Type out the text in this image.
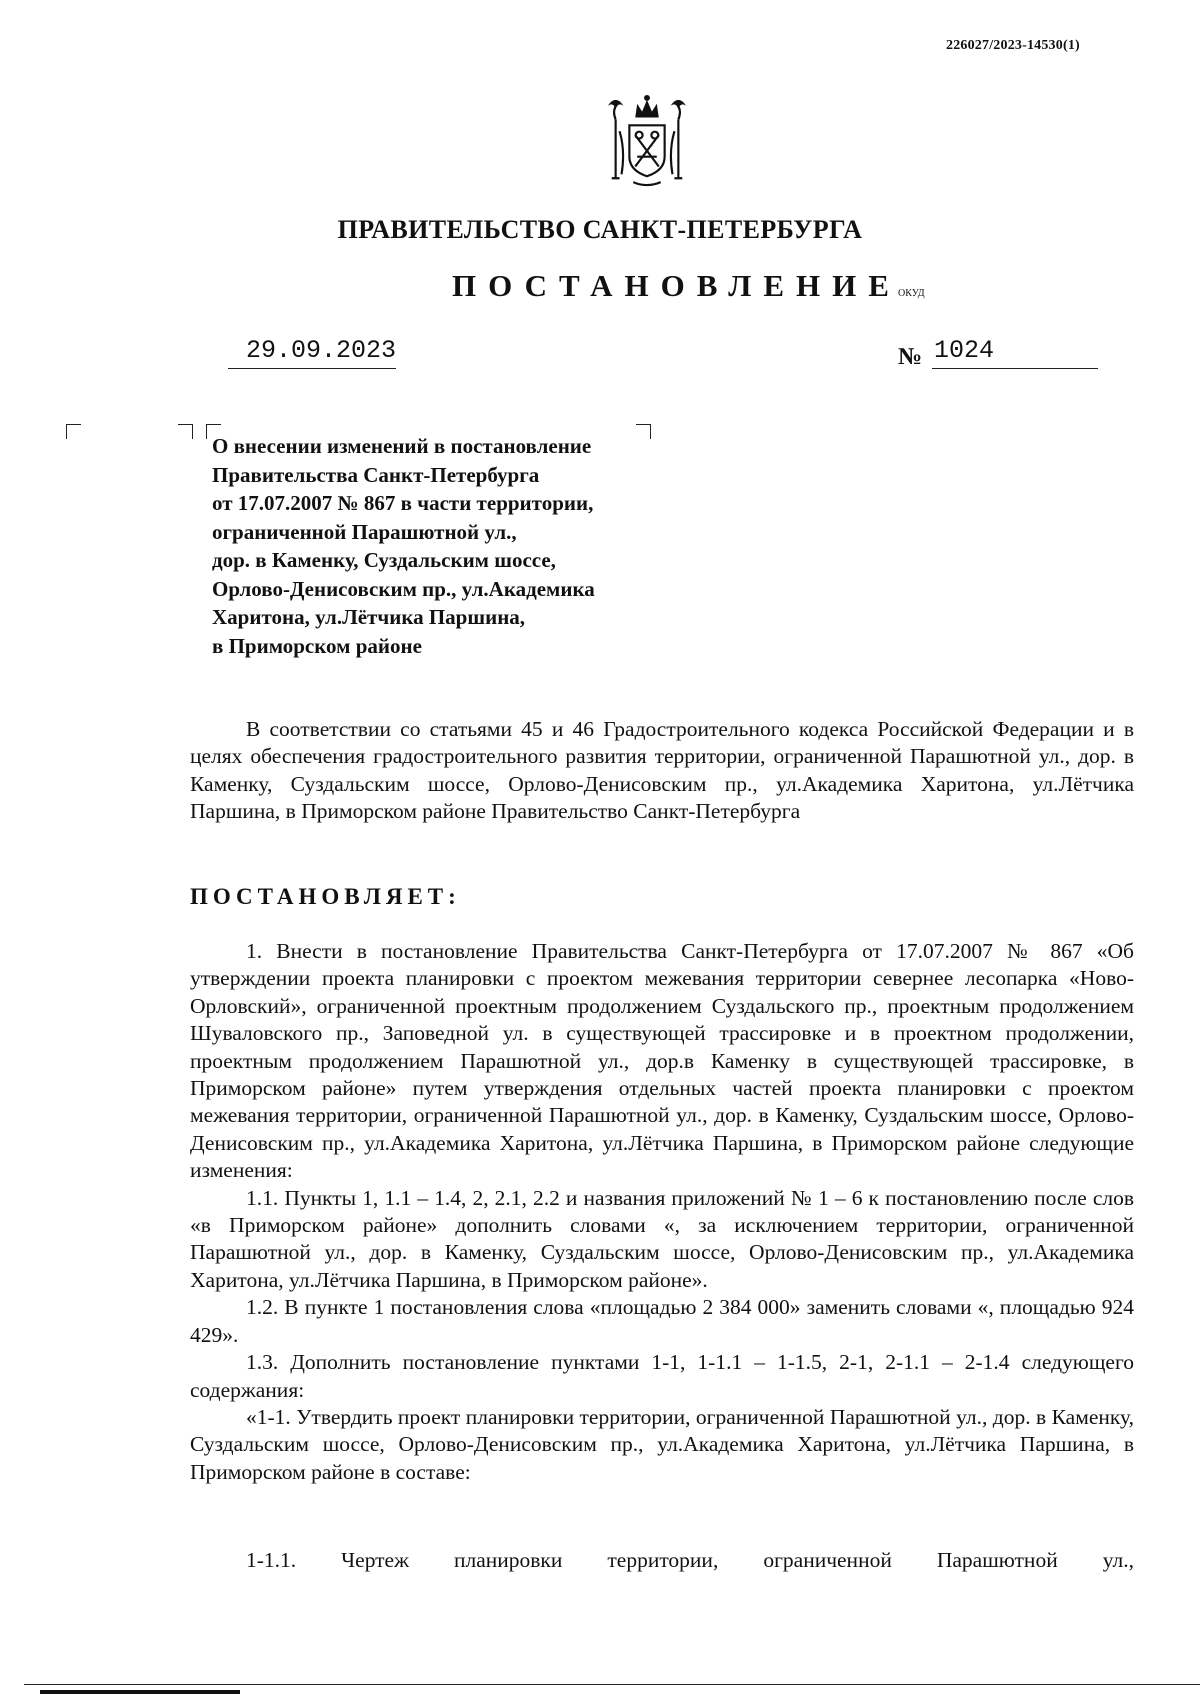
226027/2023-14530(1)
ПРАВИТЕЛЬСТВО САНКТ-ПЕТЕРБУРГА
ПОСТАНОВЛЕНИЕ
ОКУД
29.09.2023	№ 1024
О внесении изменений в постановление
Правительства Санкт-Петербурга
от 17.07.2007 № 867 в части территории,
ограниченной Парашютной ул.,
дор. в Каменку, Суздальским шоссе,
Орлово-Денисовским пр., ул.Академика
Харитона, ул.Лётчика Паршина,
в Приморском районе

В соответствии со статьями 45 и 46 Градостроительного кодекса Российской Федерации и в целях обеспечения градостроительного развития территории, ограниченной Парашютной ул., дор. в Каменку, Суздальским шоссе, Орлово-Денисовским пр., ул.Академика Харитона, ул.Лётчика Паршина, в Приморском районе Правительство Санкт-Петербурга

ПОСТАНОВЛЯЕТ:

1. Внести в постановление Правительства Санкт-Петербурга от 17.07.2007 № 867 «Об утверждении проекта планировки с проектом межевания территории севернее лесопарка «Ново-Орловский», ограниченной проектным продолжением Суздальского пр., проектным продолжением Шуваловского пр., Заповедной ул. в существующей трассировке и в проектном продолжении, проектным продолжением Парашютной ул., дор.в Каменку в существующей трассировке, в Приморском районе» путем утверждения отдельных частей проекта планировки с проектом межевания территории, ограниченной Парашютной ул., дор. в Каменку, Суздальским шоссе, Орлово-Денисовским пр., ул.Академика Харитона, ул.Лётчика Паршина, в Приморском районе следующие изменения:

1.1. Пункты 1, 1.1 – 1.4, 2, 2.1, 2.2 и названия приложений № 1 – 6 к постановлению после слов «в Приморском районе» дополнить словами «, за исключением территории, ограниченной Парашютной ул., дор. в Каменку, Суздальским шоссе, Орлово-Денисовским пр., ул.Академика Харитона, ул.Лётчика Паршина, в Приморском районе».

1.2. В пункте 1 постановления слова «площадью 2 384 000» заменить словами «, площадью 924 429».

1.3. Дополнить постановление пунктами 1-1, 1-1.1 – 1-1.5, 2-1, 2-1.1 – 2-1.4 следующего содержания:

«1-1. Утвердить проект планировки территории, ограниченной Парашютной ул., дор. в Каменку, Суздальским шоссе, Орлово-Денисовским пр., ул.Академика Харитона, ул.Лётчика Паршина, в Приморском районе в составе:

1-1.1. Чертеж планировки территории, ограниченной Парашютной ул.,
